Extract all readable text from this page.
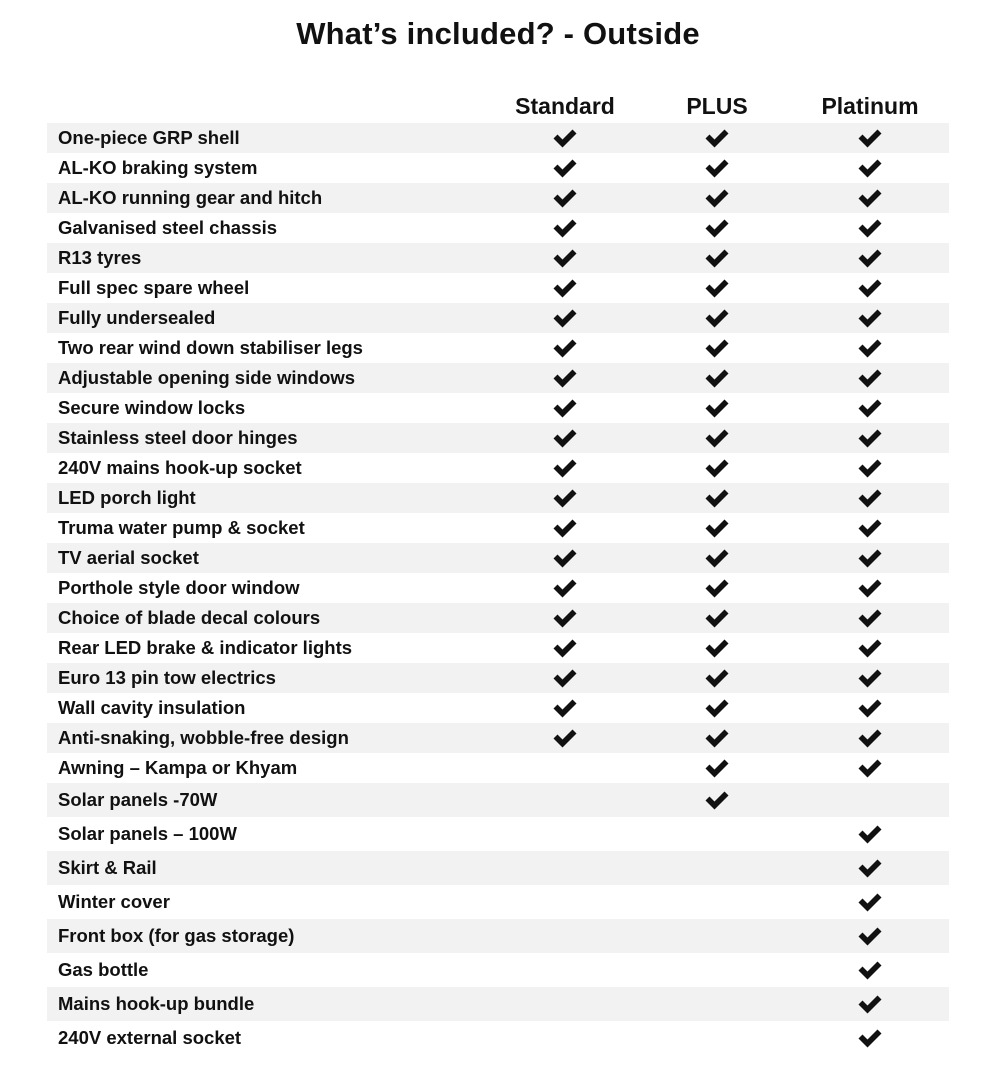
What’s included? - Outside
Standard	PLUS	Platinum
One-piece GRP shell
AL-KO braking system
AL-KO running gear and hitch
Galvanised steel chassis
R13 tyres
Full spec spare wheel
Fully undersealed
Two rear wind down stabiliser legs
Adjustable opening side windows
Secure window locks
Stainless steel door hinges
240V mains hook-up socket
LED porch light
Truma water pump & socket
TV aerial socket
Porthole style door window
Choice of blade decal colours
Rear LED brake & indicator lights
Euro 13 pin tow electrics
Wall cavity insulation
Anti-snaking, wobble-free design
Awning – Kampa or Khyam
Solar panels -70W
Solar panels – 100W
Skirt & Rail
Winter cover
Front box (for gas storage)
Gas bottle
Mains hook-up bundle
240V external socket
